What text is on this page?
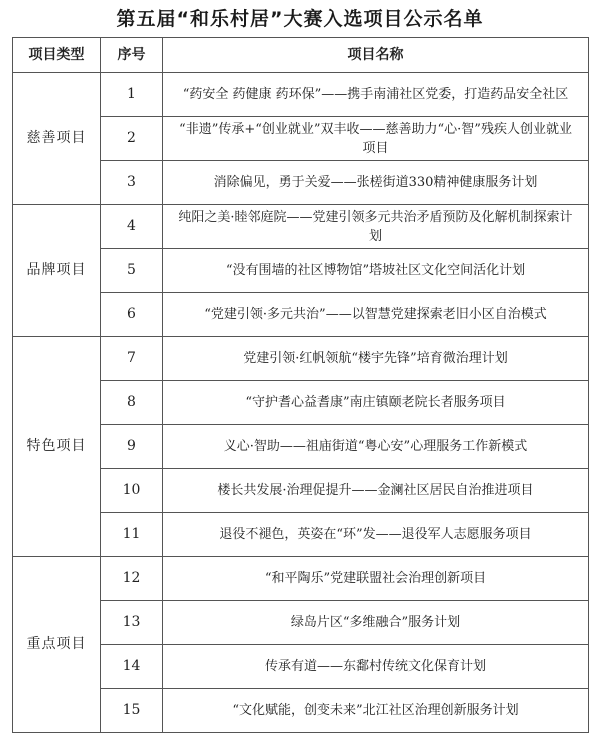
第五届“和乐村居”大赛入选项目公示名单
项目类型	序号	项目名称
慈善项目	1	“药安全 药健康 药环保”——携手南浦社区党委，打造药品安全社区
	2	“非遗”传承+“创业就业”双丰收——慈善助力“心·智”残疾人创业就业项目
	3	消除偏见，勇于关爱——张槎街道330精神健康服务计划
品牌项目	4	纯阳之美·睦邻庭院——党建引领多元共治矛盾预防及化解机制探索计划
	5	“没有围墙的社区博物馆”塔坡社区文化空间活化计划
	6	“党建引领·多元共治”——以智慧党建探索老旧小区自治模式
特色项目	7	党建引领·红帆领航“楼宇先锋”培育微治理计划
	8	“守护耆心益耆康”南庄镇颐老院长者服务项目
	9	义心·智助——祖庙街道“粤心安”心理服务工作新模式
	10	楼长共发展·治理促提升——金澜社区居民自治推进项目
	11	退役不褪色，英姿在“环”发——退役军人志愿服务项目
重点项目	12	“和平陶乐”党建联盟社会治理创新项目
	13	绿岛片区“多维融合”服务计划
	14	传承有道——东鄱村传统文化保育计划
	15	“文化赋能，创变未来”北江社区治理创新服务计划
